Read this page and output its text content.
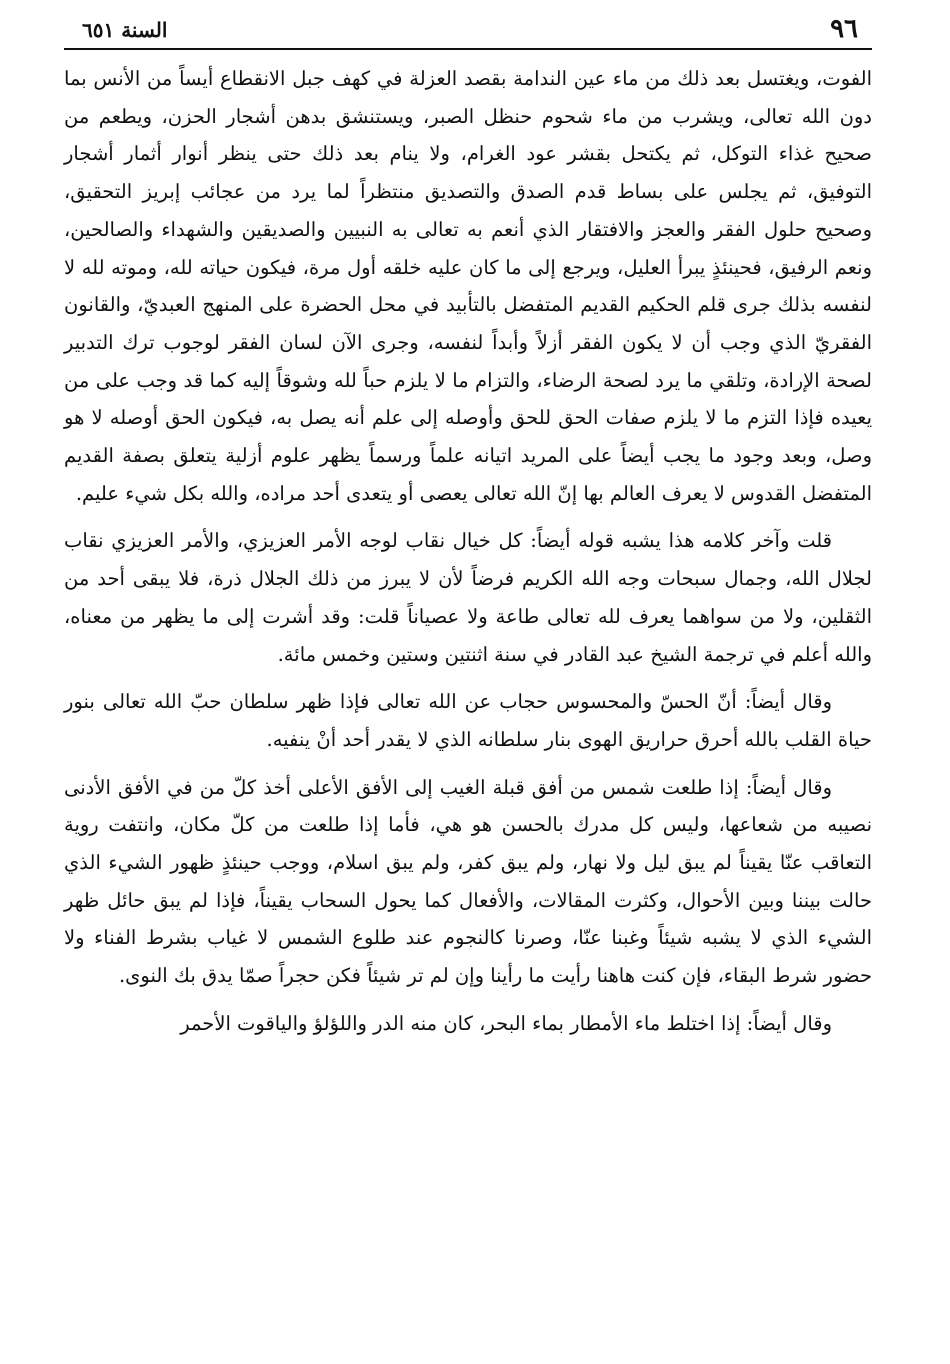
٩٦
السنة ٦٥١

الفوت، ويغتسل بعد ذلك من ماء عين الندامة بقصد العزلة في كهف جبل الانقطاع أيساً من الأنس بما دون الله تعالى، ويشرب من ماء شحوم حنظل الصبر، ويستنشق بدهن أشجار الحزن، ويطعم من صحيح غذاء التوكل، ثم يكتحل بقشر عود الغرام، ولا ينام بعد ذلك حتى ينظر أنوار أثمار أشجار التوفيق، ثم يجلس على بساط قدم الصدق والتصديق منتظراً لما يرد من عجائب إبريز التحقيق، وصحيح حلول الفقر والعجز والافتقار الذي أنعم به تعالى به النبيين والصديقين والشهداء والصالحين، ونعم الرفيق، فحينئذٍ يبرأ العليل، ويرجع إلى ما كان عليه خلقه أول مرة، فيكون حياته لله، وموته لله لا لنفسه بذلك جرى قلم الحكيم القديم المتفضل بالتأبيد في محل الحضرة على المنهج العبديّ، والقانون الفقريّ الذي وجب أن لا يكون الفقر أزلاً وأبداً لنفسه، وجرى الآن لسان الفقر لوجوب ترك التدبير لصحة الإرادة، وتلقي ما يرد لصحة الرضاء، والتزام ما لا يلزم حباً لله وشوقاً إليه كما قد وجب على من يعيده فإذا التزم ما لا يلزم صفات الحق للحق وأوصله إلى علم أنه يصل به، فيكون الحق أوصله لا هو وصل، وبعد وجود ما يجب أيضاً على المريد اتيانه علماً ورسماً يظهر علوم أزلية يتعلق بصفة القديم المتفضل القدوس لا يعرف العالم بها إنّ الله تعالى يعصى أو يتعدى أحد مراده، والله بكل شيء عليم.

قلت وآخر كلامه هذا يشبه قوله أيضاً: كل خيال نقاب لوجه الأمر العزيزي، والأمر العزيزي نقاب لجلال الله، وجمال سبحات وجه الله الكريم فرضاً لأن لا يبرز من ذلك الجلال ذرة، فلا يبقى أحد من الثقلين، ولا من سواهما يعرف لله تعالى طاعة ولا عصياناً قلت: وقد أشرت إلى ما يظهر من معناه، والله أعلم في ترجمة الشيخ عبد القادر في سنة اثنتين وستين وخمس مائة.

وقال أيضاً: أنّ الحسّ والمحسوس حجاب عن الله تعالى فإذا ظهر سلطان حبّ الله تعالى بنور حياة القلب بالله أحرق حراريق الهوى بنار سلطانه الذي لا يقدر أحد أنْ ينفيه.

وقال أيضاً: إذا طلعت شمس من أفق قبلة الغيب إلى الأفق الأعلى أخذ كلّ من في الأفق الأدنى نصيبه من شعاعها، وليس كل مدرك بالحسن هو هي، فأما إذا طلعت من كلّ مكان، وانتفت روية التعاقب عنّا يقيناً لم يبق ليل ولا نهار، ولم يبق كفر، ولم يبق اسلام، ووجب حينئذٍ ظهور الشيء الذي حالت بيننا وبين الأحوال، وكثرت المقالات، والأفعال كما يحول السحاب يقيناً، فإذا لم يبق حائل ظهر الشيء الذي لا يشبه شيئاً وغبنا عنّا، وصرنا كالنجوم عند طلوع الشمس لا غياب بشرط الفناء ولا حضور شرط البقاء، فإن كنت هاهنا رأيت ما رأينا وإن لم تر شيئاً فكن حجراً صمّا يدق بك النوى.

وقال أيضاً: إذا اختلط ماء الأمطار بماء البحر، كان منه الدر واللؤلؤ والياقوت الأحمر
